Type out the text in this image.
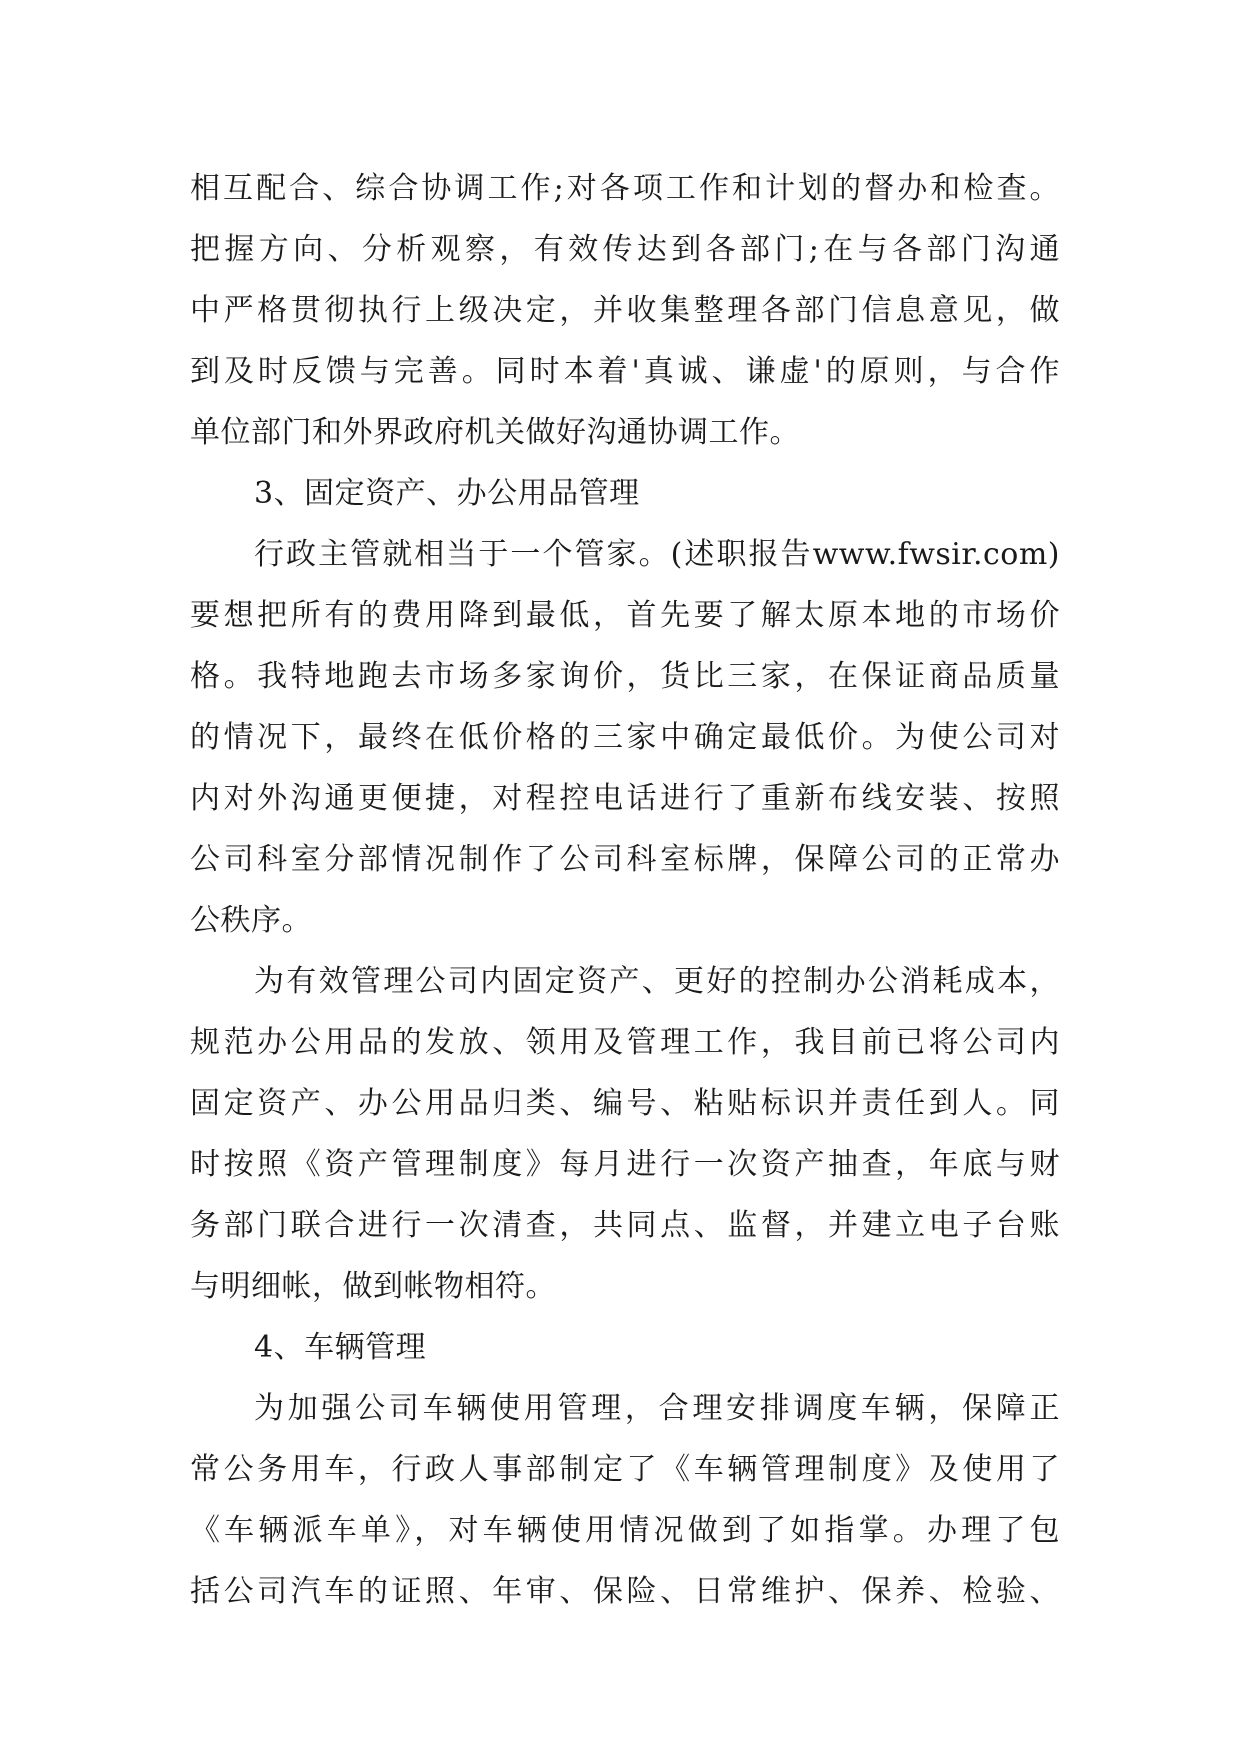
相互配合、综合协调工作;对各项工作和计划的督办和检查。
把握方向、分析观察，有效传达到各部门;在与各部门沟通
中严格贯彻执行上级决定，并收集整理各部门信息意见，做
到及时反馈与完善。同时本着'真诚、谦虚'的原则，与合作
单位部门和外界政府机关做好沟通协调工作。
3、固定资产、办公用品管理
行政主管就相当于一个管家。(述职报告www.fwsir.com)
要想把所有的费用降到最低，首先要了解太原本地的市场价
格。我特地跑去市场多家询价，货比三家，在保证商品质量
的情况下，最终在低价格的三家中确定最低价。为使公司对
内对外沟通更便捷，对程控电话进行了重新布线安装、按照
公司科室分部情况制作了公司科室标牌，保障公司的正常办
公秩序。
为有效管理公司内固定资产、更好的控制办公消耗成本，
规范办公用品的发放、领用及管理工作，我目前已将公司内
固定资产、办公用品归类、编号、粘贴标识并责任到人。同
时按照《资产管理制度》每月进行一次资产抽查，年底与财
务部门联合进行一次清查，共同点、监督，并建立电子台账
与明细帐，做到帐物相符。
4、车辆管理
为加强公司车辆使用管理，合理安排调度车辆，保障正
常公务用车，行政人事部制定了《车辆管理制度》及使用了
《车辆派车单》，对车辆使用情况做到了如指掌。办理了包
括公司汽车的证照、年审、保险、日常维护、保养、检验、
